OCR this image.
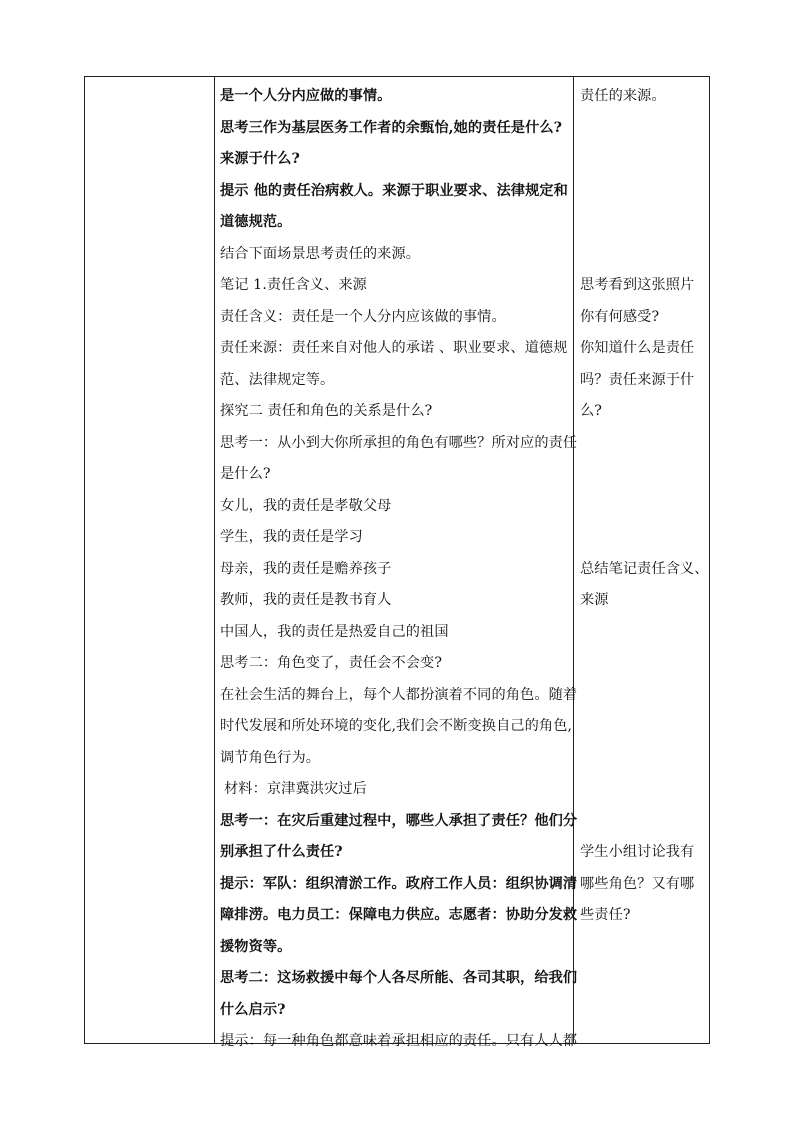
是一个人分内应做的事情。
思考三作为基层医务工作者的余甄怡,她的责任是什么?
来源于什么?
提示 他的责任治病救人。来源于职业要求、法律规定和
道德规范。
结合下面场景思考责任的来源。
笔记 1.责任含义、来源
责任含义：责任是一个人分内应该做的事情。
责任来源：责任来自对他人的承诺 、职业要求、道德规
范、法律规定等。
探究二 责任和角色的关系是什么?
思考一：从小到大你所承担的角色有哪些？所对应的责任
是什么?
女儿，我的责任是孝敬父母
学生，我的责任是学习
母亲，我的责任是赡养孩子
教师，我的责任是教书育人
中国人，我的责任是热爱自己的祖国
思考二：角色变了，责任会不会变?
在社会生活的舞台上，每个人都扮演着不同的角色。随着
时代发展和所处环境的变化,我们会不断变换自己的角色,
调节角色行为。
材料：京津冀洪灾过后
思考一：在灾后重建过程中，哪些人承担了责任？他们分
别承担了什么责任?
提示：军队：组织清淤工作。政府工作人员：组织协调清
障排涝。电力员工：保障电力供应。志愿者：协助分发救
援物资等。
思考二：这场救援中每个人各尽所能、各司其职，给我们
什么启示?
提示：每一种角色都意味着承担相应的责任。只有人人都
责任的来源。
思考看到这张照片
你有何感受?
你知道什么是责任
吗？责任来源于什
么?
总结笔记责任含义、
来源
学生小组讨论我有
哪些角色？又有哪
些责任?
